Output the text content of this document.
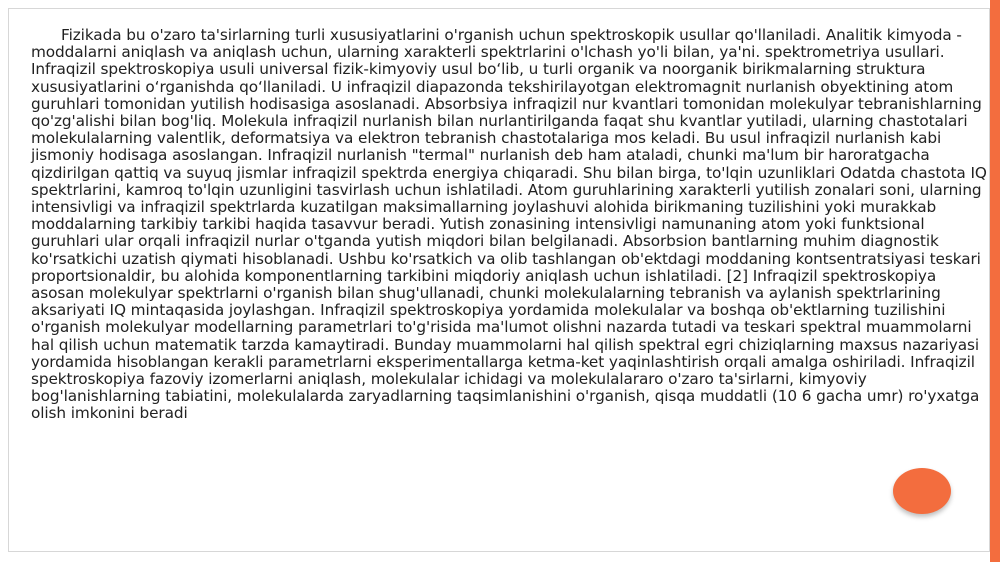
Fizikada bu o'zaro ta'sirlarning turli xususiyatlarini o'rganish uchun spektroskopik usullar qo'llaniladi. Analitik kimyoda - moddalarni aniqlash va aniqlash uchun, ularning xarakterli spektrlarini o'lchash yo'li bilan, ya'ni. spektrometriya usullari. Infraqizil spektroskopiya usuli universal fizik-kimyoviy usul bo‘lib, u turli organik va noorganik birikmalarning struktura xususiyatlarini o‘rganishda qo‘llaniladi. U infraqizil diapazonda tekshirilayotgan elektromagnit nurlanish obyektining atom guruhlari tomonidan yutilish hodisasiga asoslanadi. Absorbsiya infraqizil nur kvantlari tomonidan molekulyar tebranishlarning qo'zg'alishi bilan bog'liq. Molekula infraqizil nurlanish bilan nurlantirilganda faqat shu kvantlar yutiladi, ularning chastotalari molekulalarning valentlik, deformatsiya va elektron tebranish chastotalariga mos keladi. Bu usul infraqizil nurlanish kabi jismoniy hodisaga asoslangan. Infraqizil nurlanish "termal" nurlanish deb ham ataladi, chunki ma'lum bir haroratgacha qizdirilgan qattiq va suyuq jismlar infraqizil spektrda energiya chiqaradi. Shu bilan birga, to'lqin uzunliklari Odatda chastota IQ spektrlarini, kamroq to'lqin uzunligini tasvirlash uchun ishlatiladi. Atom guruhlarining xarakterli yutilish zonalari soni, ularning intensivligi va infraqizil spektrlarda kuzatilgan maksimallarning joylashuvi alohida birikmaning tuzilishini yoki murakkab moddalarning tarkibiy tarkibi haqida tasavvur beradi. Yutish zonasining intensivligi namunaning atom yoki funktsional guruhlari ular orqali infraqizil nurlar o'tganda yutish miqdori bilan belgilanadi. Absorbsion bantlarning muhim diagnostik ko'rsatkichi uzatish qiymati hisoblanadi. Ushbu ko'rsatkich va olib tashlangan ob'ektdagi moddaning kontsentratsiyasi teskari proportsionaldir, bu alohida komponentlarning tarkibini miqdoriy aniqlash uchun ishlatiladi. [2] Infraqizil spektroskopiya asosan molekulyar spektrlarni o'rganish bilan shug'ullanadi, chunki molekulalarning tebranish va aylanish spektrlarining aksariyati IQ mintaqasida joylashgan. Infraqizil spektroskopiya yordamida molekulalar va boshqa ob'ektlarning tuzilishini o'rganish molekulyar modellarning parametrlari to'g'risida ma'lumot olishni nazarda tutadi va teskari spektral muammolarni hal qilish uchun matematik tarzda kamaytiradi. Bunday muammolarni hal qilish spektral egri chiziqlarning maxsus nazariyasi yordamida hisoblangan kerakli parametrlarni eksperimentallarga ketma-ket yaqinlashtirish orqali amalga oshiriladi. Infraqizil spektroskopiya fazoviy izomerlarni aniqlash, molekulalar ichidagi va molekulalararo o'zaro ta'sirlarni, kimyoviy bog'lanishlarning tabiatini, molekulalarda zaryadlarning taqsimlanishini o'rganish, qisqa muddatli (10 6 gacha umr) ro'yxatga olish imkonini beradi
